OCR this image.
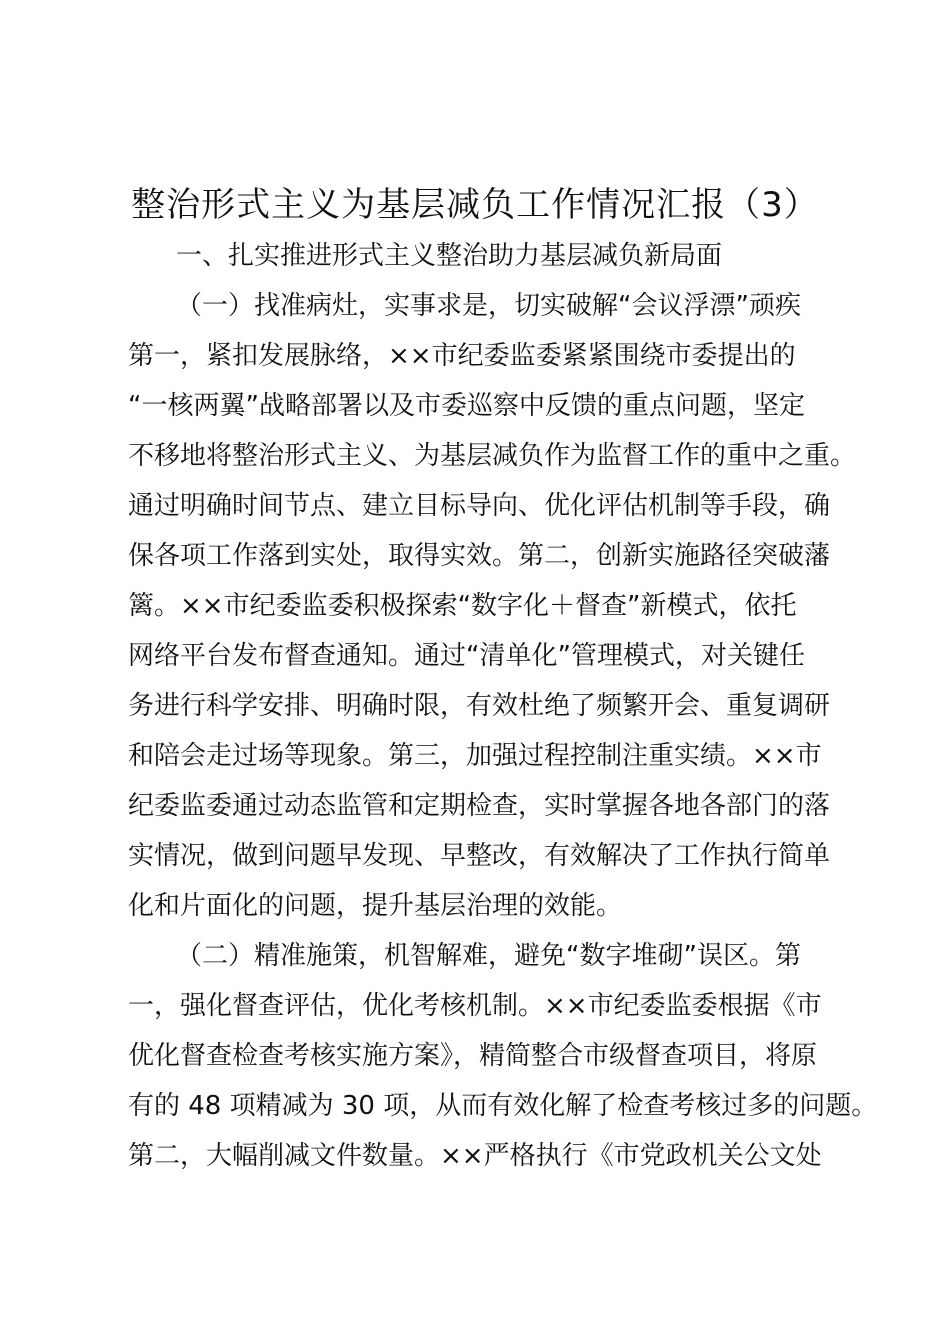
整治形式主义为基层减负工作情况汇报（3）
一、扎实推进形式主义整治助力基层减负新局面
（一）找准病灶，实事求是，切实破解“会议浮漂”顽疾
第一，紧扣发展脉络，××市纪委监委紧紧围绕市委提出的
“一核两翼”战略部署以及市委巡察中反馈的重点问题，坚定
不移地将整治形式主义、为基层减负作为监督工作的重中之重。
通过明确时间节点、建立目标导向、优化评估机制等手段，确
保各项工作落到实处，取得实效。第二，创新实施路径突破藩
篱。××市纪委监委积极探索“数字化＋督查”新模式，依托
网络平台发布督查通知。通过“清单化”管理模式，对关键任
务进行科学安排、明确时限，有效杜绝了频繁开会、重复调研
和陪会走过场等现象。第三，加强过程控制注重实绩。××市
纪委监委通过动态监管和定期检查，实时掌握各地各部门的落
实情况，做到问题早发现、早整改，有效解决了工作执行简单
化和片面化的问题，提升基层治理的效能。
（二）精准施策，机智解难，避免“数字堆砌”误区。第
一，强化督查评估，优化考核机制。××市纪委监委根据《市
优化督查检查考核实施方案》，精简整合市级督查项目，将原
有的 48 项精减为 30 项，从而有效化解了检查考核过多的问题。
第二，大幅削减文件数量。××严格执行《市党政机关公文处
